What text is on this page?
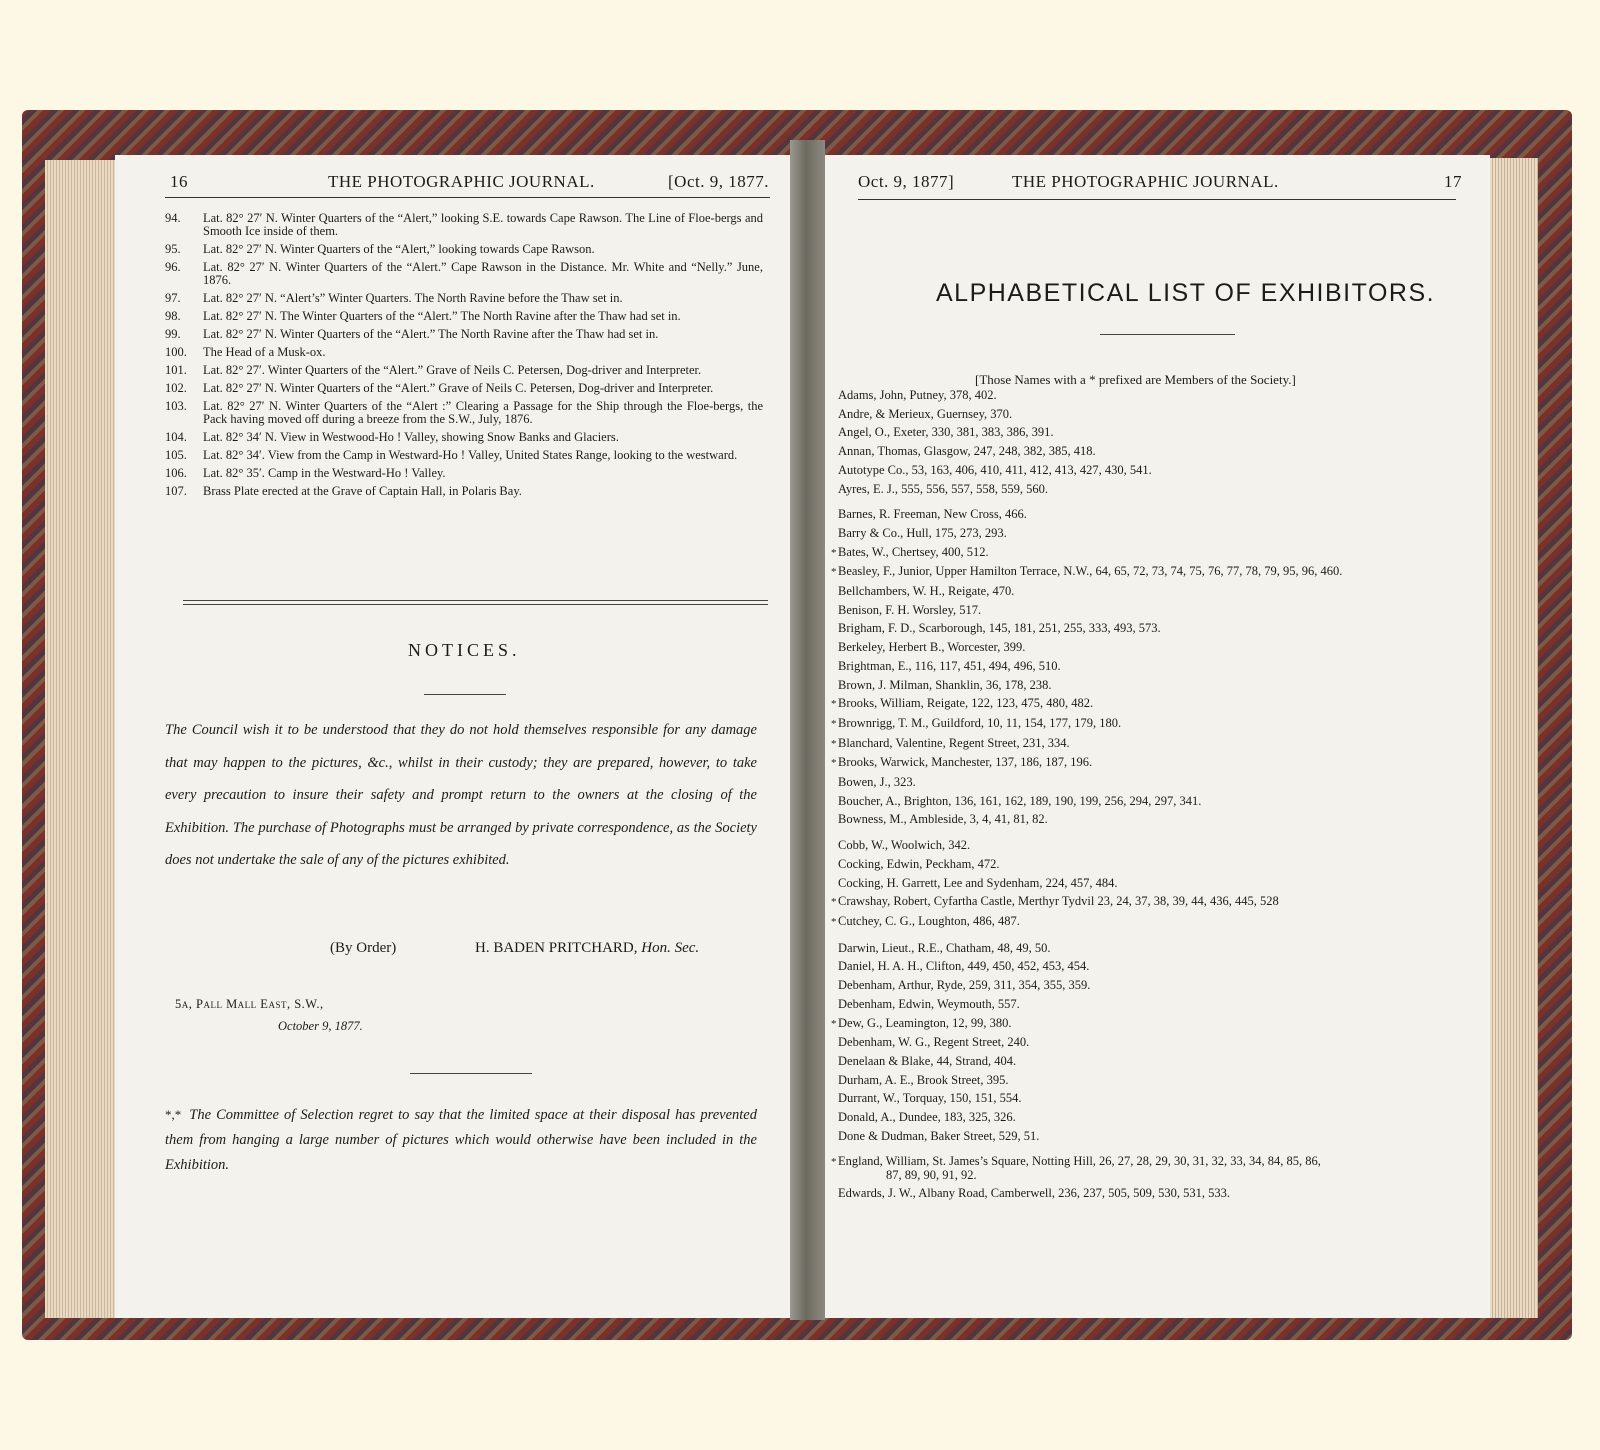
16	THE PHOTOGRAPHIC JOURNAL.	[Oct. 9, 1877.
94.	Lat. 82° 27′ N. Winter Quarters of the “Alert,” looking S.E. towards Cape Rawson. The Line of Floe-bergs and Smooth Ice inside of them.
95.	Lat. 82° 27′ N. Winter Quarters of the “Alert,” looking towards Cape Rawson.
96.	Lat. 82° 27′ N. Winter Quarters of the “Alert.” Cape Rawson in the Distance. Mr. White and “Nelly.” June, 1876.
97.	Lat. 82° 27′ N. “Alert’s” Winter Quarters. The North Ravine before the Thaw set in.
98.	Lat. 82° 27′ N. The Winter Quarters of the “Alert.” The North Ravine after the Thaw had set in.
99.	Lat. 82° 27′ N. Winter Quarters of the “Alert.” The North Ravine after the Thaw had set in.
100.	The Head of a Musk-ox.
101.	Lat. 82° 27′. Winter Quarters of the “Alert.” Grave of Neils C. Petersen, Dog-driver and Interpreter.
102.	Lat. 82° 27′ N. Winter Quarters of the “Alert.” Grave of Neils C. Petersen, Dog-driver and Interpreter.
103.	Lat. 82° 27′ N. Winter Quarters of the “Alert :” Clearing a Passage for the Ship through the Floe-bergs, the Pack having moved off during a breeze from the S.W., July, 1876.
104.	Lat. 82° 34′ N. View in Westwood-Ho ! Valley, showing Snow Banks and Glaciers.
105.	Lat. 82° 34′. View from the Camp in Westward-Ho ! Valley, United States Range, looking to the westward.
106.	Lat. 82° 35′. Camp in the Westward-Ho ! Valley.
107.	Brass Plate erected at the Grave of Captain Hall, in Polaris Bay.
NOTICES.
The Council wish it to be understood that they do not hold themselves responsible for any damage that may happen to the pictures, &c., whilst in their custody; they are prepared, however, to take every precaution to insure their safety and prompt return to the owners at the closing of the Exhibition. The purchase of Photographs must be arranged by private correspondence, as the Society does not undertake the sale of any of the pictures exhibited.
(By Order)	H. BADEN PRITCHARD, Hon. Sec.
5a, Pall Mall East, S.W.,
October 9, 1877.
*,* The Committee of Selection regret to say that the limited space at their disposal has prevented them from hanging a large number of pictures which would otherwise have been included in the Exhibition.
Oct. 9, 1877]	THE PHOTOGRAPHIC JOURNAL.	17
ALPHABETICAL LIST OF EXHIBITORS.
[Those Names with a * prefixed are Members of the Society.]
Adams, John, Putney, 378, 402.
Andre, & Merieux, Guernsey, 370.
Angel, O., Exeter, 330, 381, 383, 386, 391.
Annan, Thomas, Glasgow, 247, 248, 382, 385, 418.
Autotype Co., 53, 163, 406, 410, 411, 412, 413, 427, 430, 541.
Ayres, E. J., 555, 556, 557, 558, 559, 560.
Barnes, R. Freeman, New Cross, 466.
Barry & Co., Hull, 175, 273, 293.
* Bates, W., Chertsey, 400, 512.
* Beasley, F., Junior, Upper Hamilton Terrace, N.W., 64, 65, 72, 73, 74, 75, 76, 77, 78, 79, 95, 96, 460.
Bellchambers, W. H., Reigate, 470.
Benison, F. H. Worsley, 517.
Brigham, F. D., Scarborough, 145, 181, 251, 255, 333, 493, 573.
Berkeley, Herbert B., Worcester, 399.
Brightman, E., 116, 117, 451, 494, 496, 510.
Brown, J. Milman, Shanklin, 36, 178, 238.
* Brooks, William, Reigate, 122, 123, 475, 480, 482.
* Brownrigg, T. M., Guildford, 10, 11, 154, 177, 179, 180.
* Blanchard, Valentine, Regent Street, 231, 334.
* Brooks, Warwick, Manchester, 137, 186, 187, 196.
Bowen, J., 323.
Boucher, A., Brighton, 136, 161, 162, 189, 190, 199, 256, 294, 297, 341.
Bowness, M., Ambleside, 3, 4, 41, 81, 82.
Cobb, W., Woolwich, 342.
Cocking, Edwin, Peckham, 472.
Cocking, H. Garrett, Lee and Sydenham, 224, 457, 484.
* Crawshay, Robert, Cyfartha Castle, Merthyr Tydvil 23, 24, 37, 38, 39, 44, 436, 445, 528
* Cutchey, C. G., Loughton, 486, 487.
Darwin, Lieut., R.E., Chatham, 48, 49, 50.
Daniel, H. A. H., Clifton, 449, 450, 452, 453, 454.
Debenham, Arthur, Ryde, 259, 311, 354, 355, 359.
Debenham, Edwin, Weymouth, 557.
* Dew, G., Leamington, 12, 99, 380.
Debenham, W. G., Regent Street, 240.
Denelaan & Blake, 44, Strand, 404.
Durham, A. E., Brook Street, 395.
Durrant, W., Torquay, 150, 151, 554.
Donald, A., Dundee, 183, 325, 326.
Done & Dudman, Baker Street, 529, 51.
* England, William, St. James’s Square, Notting Hill, 26, 27, 28, 29, 30, 31, 32, 33, 34, 84, 85, 86,
87, 89, 90, 91, 92.
Edwards, J. W., Albany Road, Camberwell, 236, 237, 505, 509, 530, 531, 533.
